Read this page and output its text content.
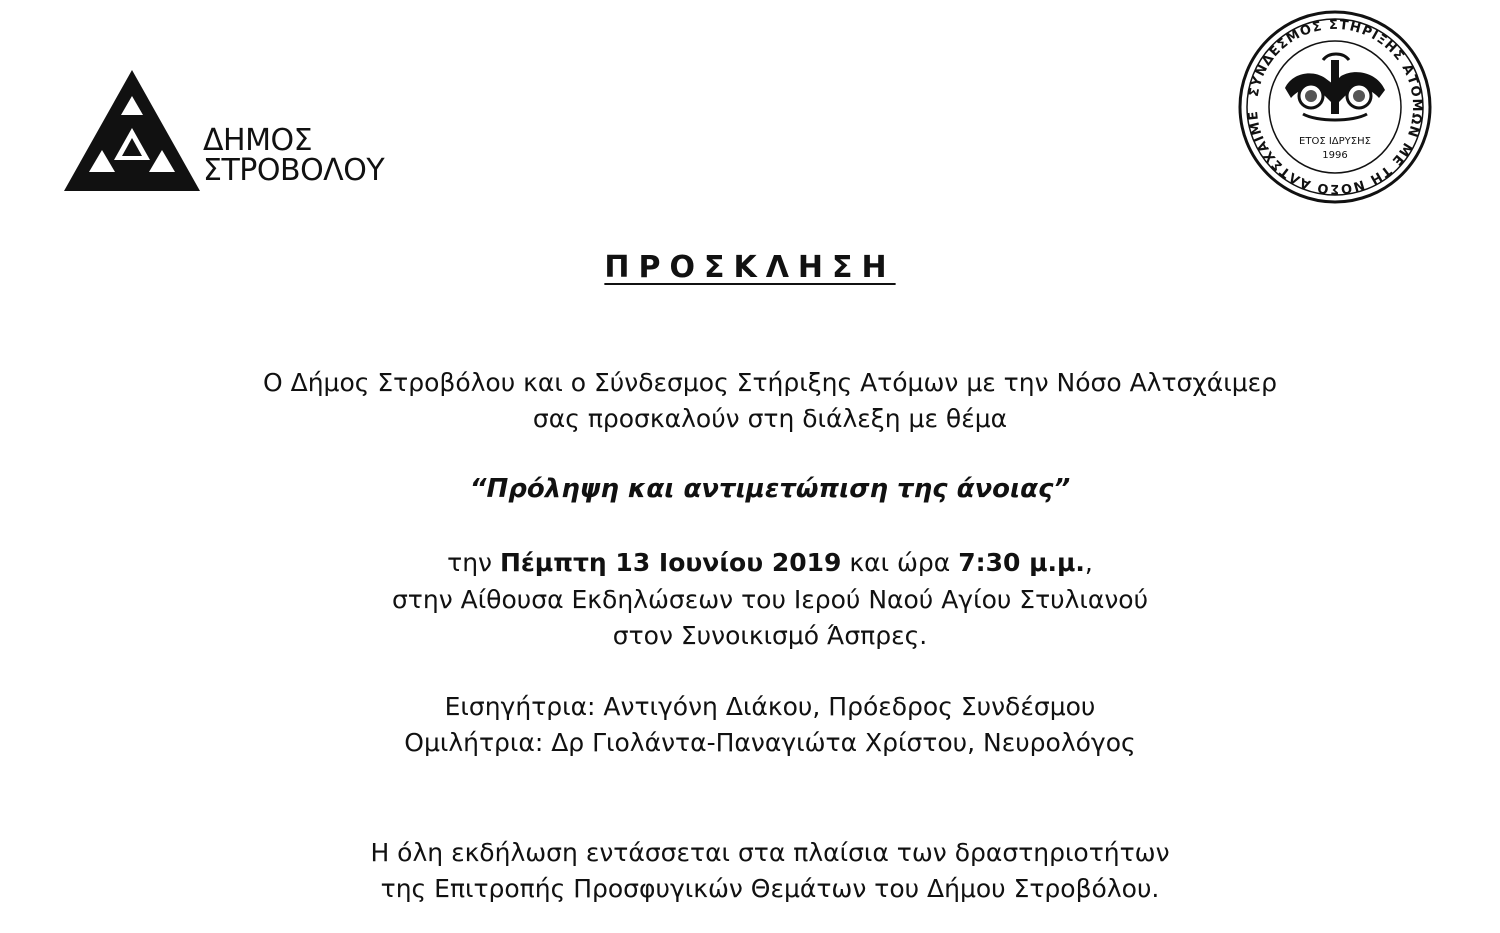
ΔΗΜΟΣ
ΣΤΡΟΒΟΛΟΥ
ΣΥΝΔΕΣΜΟΣ ΣΤΗΡΙΞΗΣ ΑΤΟΜΩΝ ΜΕ ΤΗ ΝΟΣΟ ΑΛΤΣΧΑΙΜΕ
ΕΤΟΣ ΙΔΡΥΣΗΣ
1996
ΠΡΟΣΚΛΗΣΗ
Ο Δήμος Στροβόλου και ο Σύνδεσμος Στήριξης Ατόμων με την Νόσο Αλτσχάιμερ
σας προσκαλούν στη διάλεξη με θέμα
“Πρόληψη και αντιμετώπιση της άνοιας”
την Πέμπτη 13 Ιουνίου 2019 και ώρα 7:30 μ.μ.,
στην Αίθουσα Εκδηλώσεων του Ιερού Ναού Αγίου Στυλιανού
στον Συνοικισμό Άσπρες.
Εισηγήτρια: Αντιγόνη Διάκου, Πρόεδρος Συνδέσμου
Ομιλήτρια: Δρ Γιολάντα-Παναγιώτα Χρίστου, Νευρολόγος
Η όλη εκδήλωση εντάσσεται στα πλαίσια των δραστηριοτήτων
της Επιτροπής Προσφυγικών Θεμάτων του Δήμου Στροβόλου.
